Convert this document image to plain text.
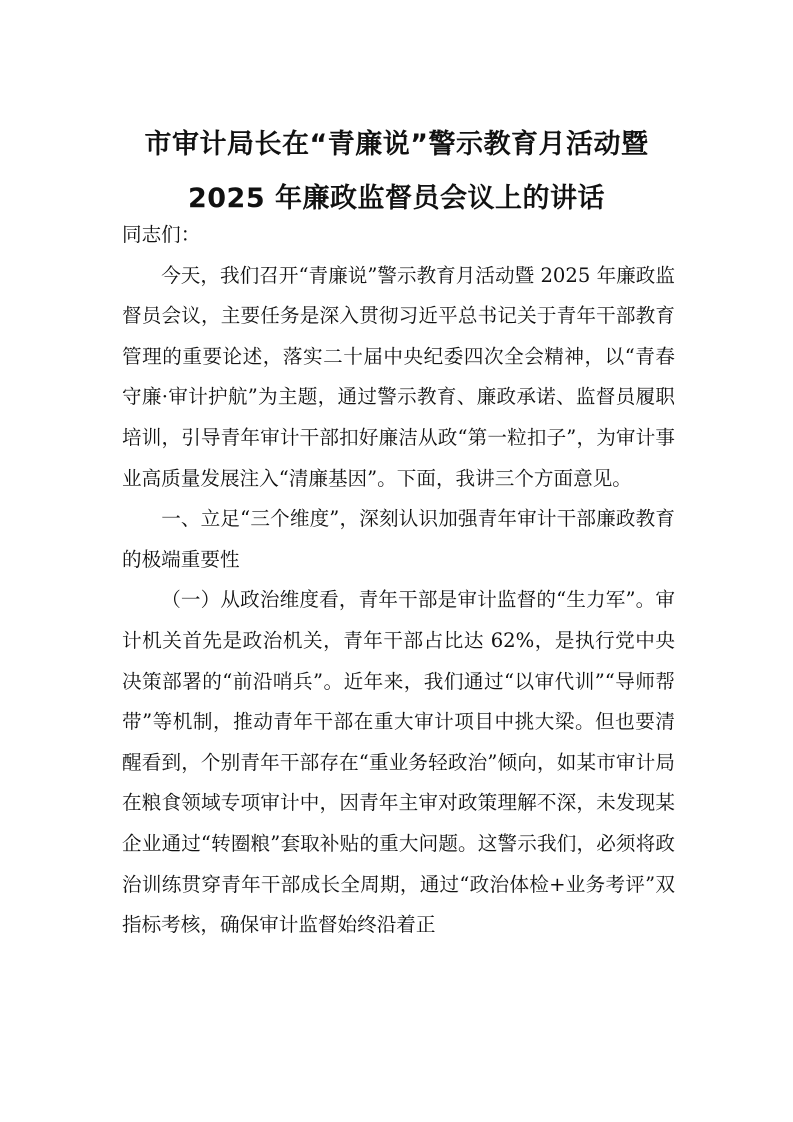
市审计局长在“青廉说”警示教育月活动暨
2025 年廉政监督员会议上的讲话

同志们：

今天，我们召开“青廉说”警示教育月活动暨 2025 年廉政监督员会议，主要任务是深入贯彻习近平总书记关于青年干部教育管理的重要论述，落实二十届中央纪委四次全会精神，以“青春守廉·审计护航”为主题，通过警示教育、廉政承诺、监督员履职培训，引导青年审计干部扣好廉洁从政“第一粒扣子”，为审计事业高质量发展注入“清廉基因”。下面，我讲三个方面意见。

一、立足“三个维度”，深刻认识加强青年审计干部廉政教育的极端重要性

（一）从政治维度看，青年干部是审计监督的“生力军”。审计机关首先是政治机关，青年干部占比达 62%，是执行党中央决策部署的“前沿哨兵”。近年来，我们通过“以审代训”“导师帮带”等机制，推动青年干部在重大审计项目中挑大梁。但也要清醒看到，个别青年干部存在“重业务轻政治”倾向，如某市审计局在粮食领域专项审计中，因青年主审对政策理解不深，未发现某企业通过“转圈粮”套取补贴的重大问题。这警示我们，必须将政治训练贯穿青年干部成长全周期，通过“政治体检+业务考评”双指标考核，确保审计监督始终沿着正
